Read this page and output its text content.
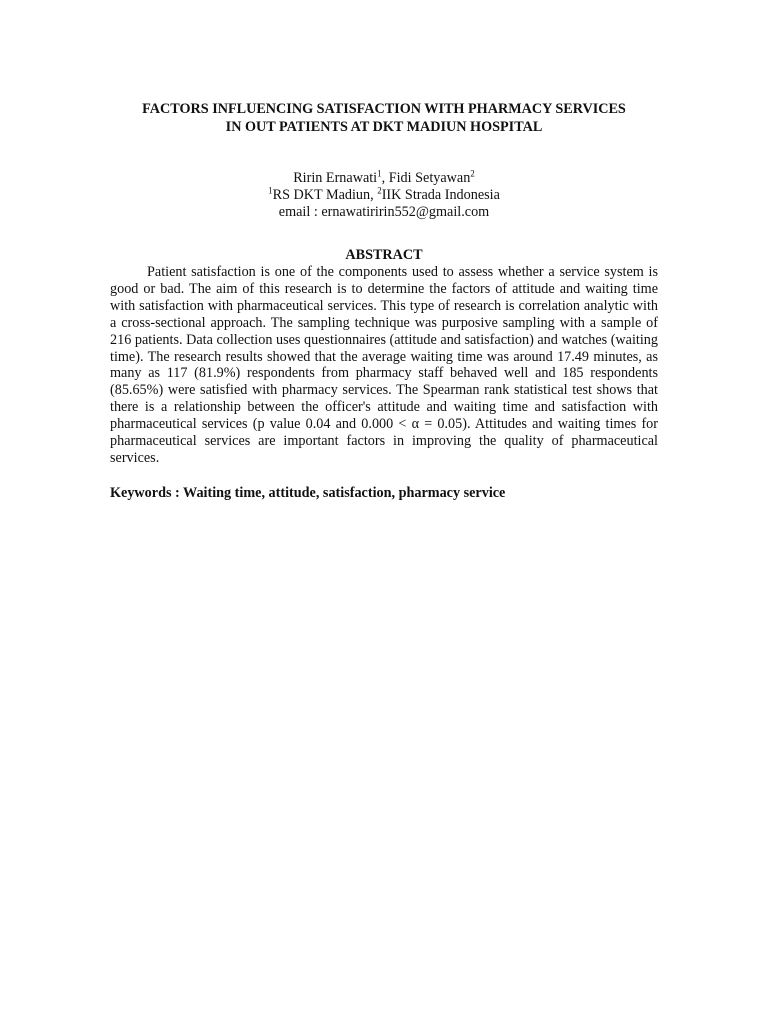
FACTORS INFLUENCING SATISFACTION WITH PHARMACY SERVICES
IN OUT PATIENTS AT DKT MADIUN HOSPITAL
Ririn Ernawati$^1$, Fidi Setyawan$^2$
$^1$RS DKT Madiun, $^2$IIK Strada Indonesia
email : ernawatiririn552@gmail.com
ABSTRACT

Patient satisfaction is one of the components used to assess whether a service system is good or bad. The aim of this research is to determine the factors of attitude and waiting time with satisfaction with pharmaceutical services. This type of research is correlation analytic with a cross-sectional approach. The sampling technique was purposive sampling with a sample of 216 patients. Data collection uses questionnaires (attitude and satisfaction) and watches (waiting time). The research results showed that the average waiting time was around 17.49 minutes, as many as 117 (81.9%) respondents from pharmacy staff behaved well and 185 respondents (85.65%) were satisfied with pharmacy services. The Spearman rank statistical test shows that there is a relationship between the officer's attitude and waiting time and satisfaction with pharmaceutical services (p value 0.04 and 0.000 < α = 0.05). Attitudes and waiting times for pharmaceutical services are important factors in improving the quality of pharmaceutical services.

Keywords : Waiting time, attitude, satisfaction, pharmacy service
